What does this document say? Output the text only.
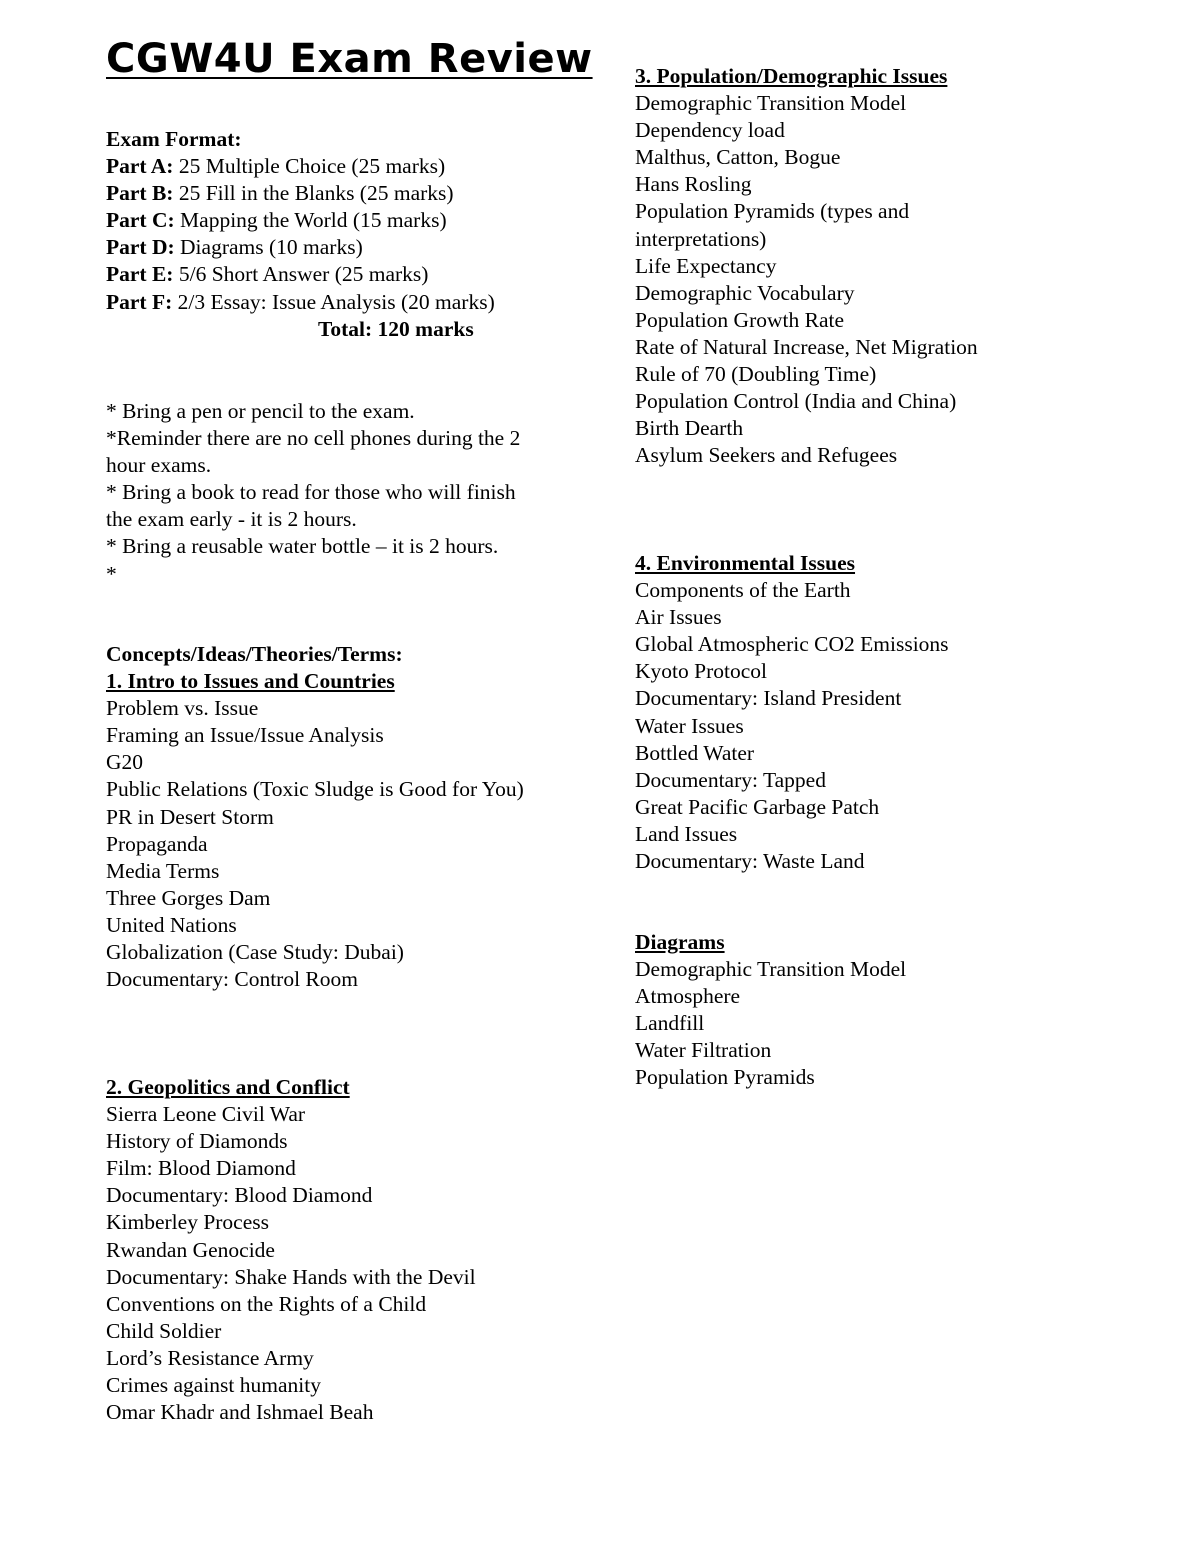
CGW4U Exam Review
Exam Format:
Part A: 25 Multiple Choice (25 marks)
Part B: 25 Fill in the Blanks (25 marks)
Part C: Mapping the World (15 marks)
Part D: Diagrams (10 marks)
Part E: 5/6 Short Answer (25 marks)
Part F: 2/3 Essay: Issue Analysis (20 marks)
Total: 120 marks
* Bring a pen or pencil to the exam.
*Reminder there are no cell phones during the 2
hour exams.
* Bring a book to read for those who will finish
the exam early - it is 2 hours.
* Bring a reusable water bottle – it is 2 hours.
*
Concepts/Ideas/Theories/Terms:
1. Intro to Issues and Countries
Problem vs. Issue
Framing an Issue/Issue Analysis
G20
Public Relations (Toxic Sludge is Good for You)
PR in Desert Storm
Propaganda
Media Terms
Three Gorges Dam
United Nations
Globalization (Case Study: Dubai)
Documentary: Control Room
2. Geopolitics and Conflict
Sierra Leone Civil War
History of Diamonds
Film: Blood Diamond
Documentary: Blood Diamond
Kimberley Process
Rwandan Genocide
Documentary: Shake Hands with the Devil
Conventions on the Rights of a Child
Child Soldier
Lord’s Resistance Army
Crimes against humanity
Omar Khadr and Ishmael Beah
3. Population/Demographic Issues
Demographic Transition Model
Dependency load
Malthus, Catton, Bogue
Hans Rosling
Population Pyramids (types and
interpretations)
Life Expectancy
Demographic Vocabulary
Population Growth Rate
Rate of Natural Increase, Net Migration
Rule of 70 (Doubling Time)
Population Control (India and China)
Birth Dearth
Asylum Seekers and Refugees
4. Environmental Issues
Components of the Earth
Air Issues
Global Atmospheric CO2 Emissions
Kyoto Protocol
Documentary: Island President
Water Issues
Bottled Water
Documentary: Tapped
Great Pacific Garbage Patch
Land Issues
Documentary: Waste Land
Diagrams
Demographic Transition Model
Atmosphere
Landfill
Water Filtration
Population Pyramids
